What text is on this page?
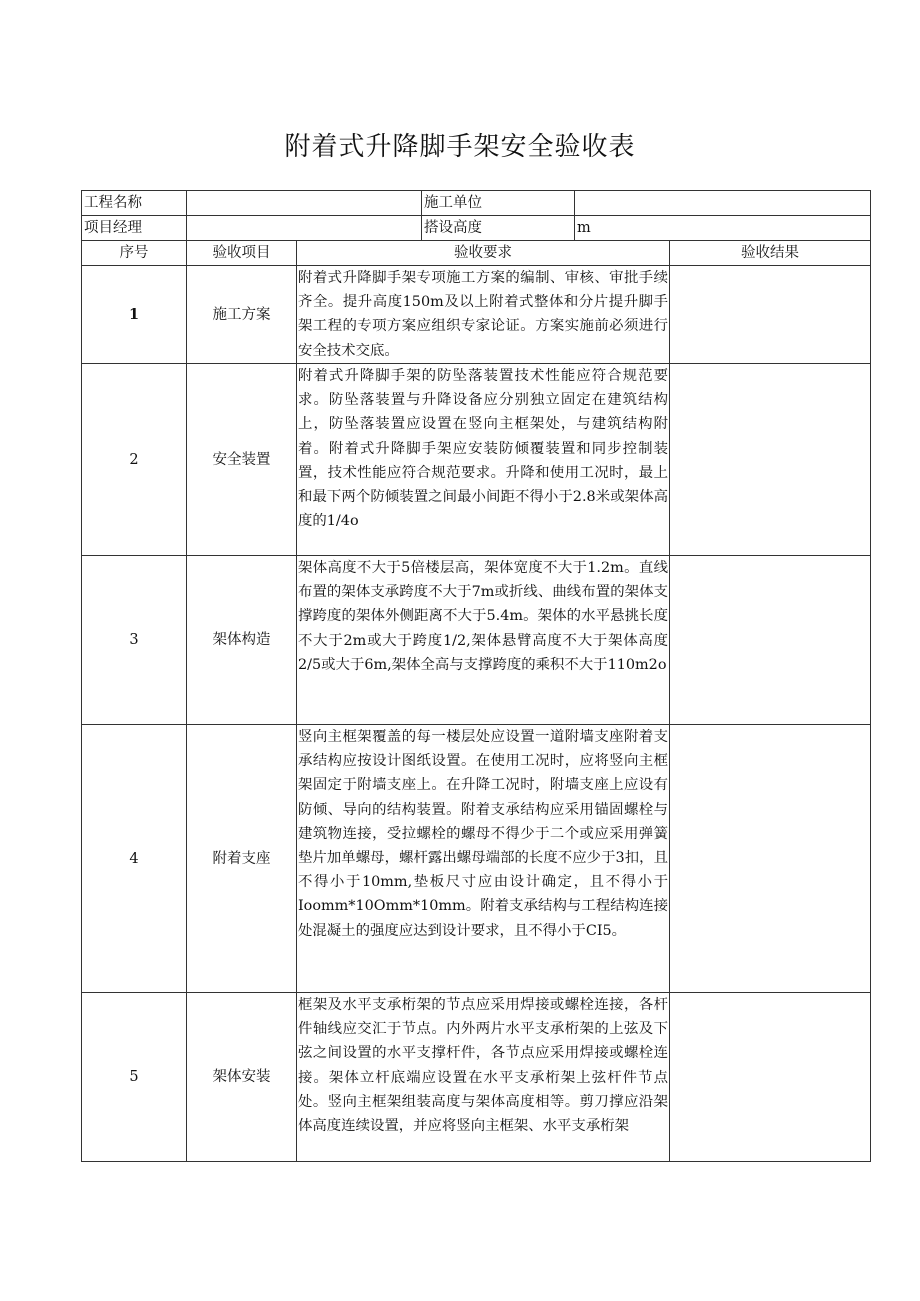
附着式升降脚手架安全验收表
工程名称			施工单位		
项目经理			搭设高度	m	
序号	验收项目	验收要求			验收结果
1	施工方案	附着式升降脚手架专项施工方案的编制、审核、审批手续齐全。提升高度150m及以上附着式整体和分片提升脚手架工程的专项方案应组织专家论证。方案实施前必须进行安全技术交底。			
2	安全装置	附着式升降脚手架的防坠落装置技术性能应符合规范要求。防坠落装置与升降设备应分别独立固定在建筑结构上，防坠落装置应设置在竖向主框架处，与建筑结构附着。附着式升降脚手架应安装防倾覆装置和同步控制装置，技术性能应符合规范要求。升降和使用工况时，最上和最下两个防倾装置之间最小间距不得小于2.8米或架体高度的1/4o			
3	架体构造	架体高度不大于5倍楼层高，架体宽度不大于1.2m。直线布置的架体支承跨度不大于7m或折线、曲线布置的架体支撑跨度的架体外侧距离不大于5.4m。架体的水平悬挑长度不大于2m或大于跨度1/2,架体悬臂高度不大于架体高度2/5或大于6m,架体全高与支撑跨度的乘积不大于110m2o			
4	附着支座	竖向主框架覆盖的每一楼层处应设置一道附墙支座附着支承结构应按设计图纸设置。在使用工况时，应将竖向主框架固定于附墙支座上。在升降工况时，附墙支座上应设有防倾、导向的结构装置。附着支承结构应采用锚固螺栓与建筑物连接，受拉螺栓的螺母不得少于二个或应采用弹簧垫片加单螺母，螺杆露出螺母端部的长度不应少于3扣，且不得小于10mm,垫板尺寸应由设计确定，且不得小于Ioomm*10Omm*10mm。附着支承结构与工程结构连接处混凝土的强度应达到设计要求，且不得小于CI5。			
5	架体安装	框架及水平支承桁架的节点应采用焊接或螺栓连接，各杆件轴线应交汇于节点。内外两片水平支承桁架的上弦及下弦之间设置的水平支撑杆件，各节点应采用焊接或螺栓连接。架体立杆底端应设置在水平支承桁架上弦杆件节点处。竖向主框架组装高度与架体高度相等。剪刀撑应沿架体高度连续设置，并应将竖向主框架、水平支承桁架			
